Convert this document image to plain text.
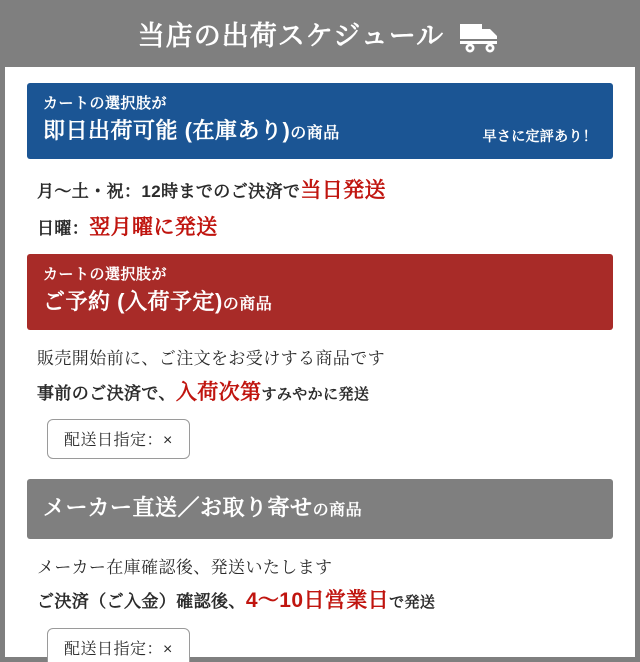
当店の出荷スケジュール
カートの選択肢が
即日出荷可能 (在庫あり)の商品	早さに定評あり！
月〜土・祝：12時までのご決済で当日発送
日曜：翌月曜に発送
カートの選択肢が
ご予約 (入荷予定)の商品
販売開始前に、ご注文をお受けする商品です
事前のご決済で、入荷次第すみやかに発送
配送日指定：×
メーカー直送／お取り寄せの商品
メーカー在庫確認後、発送いたします
ご決済（ご入金）確認後、4〜10日営業日で発送
配送日指定：×
